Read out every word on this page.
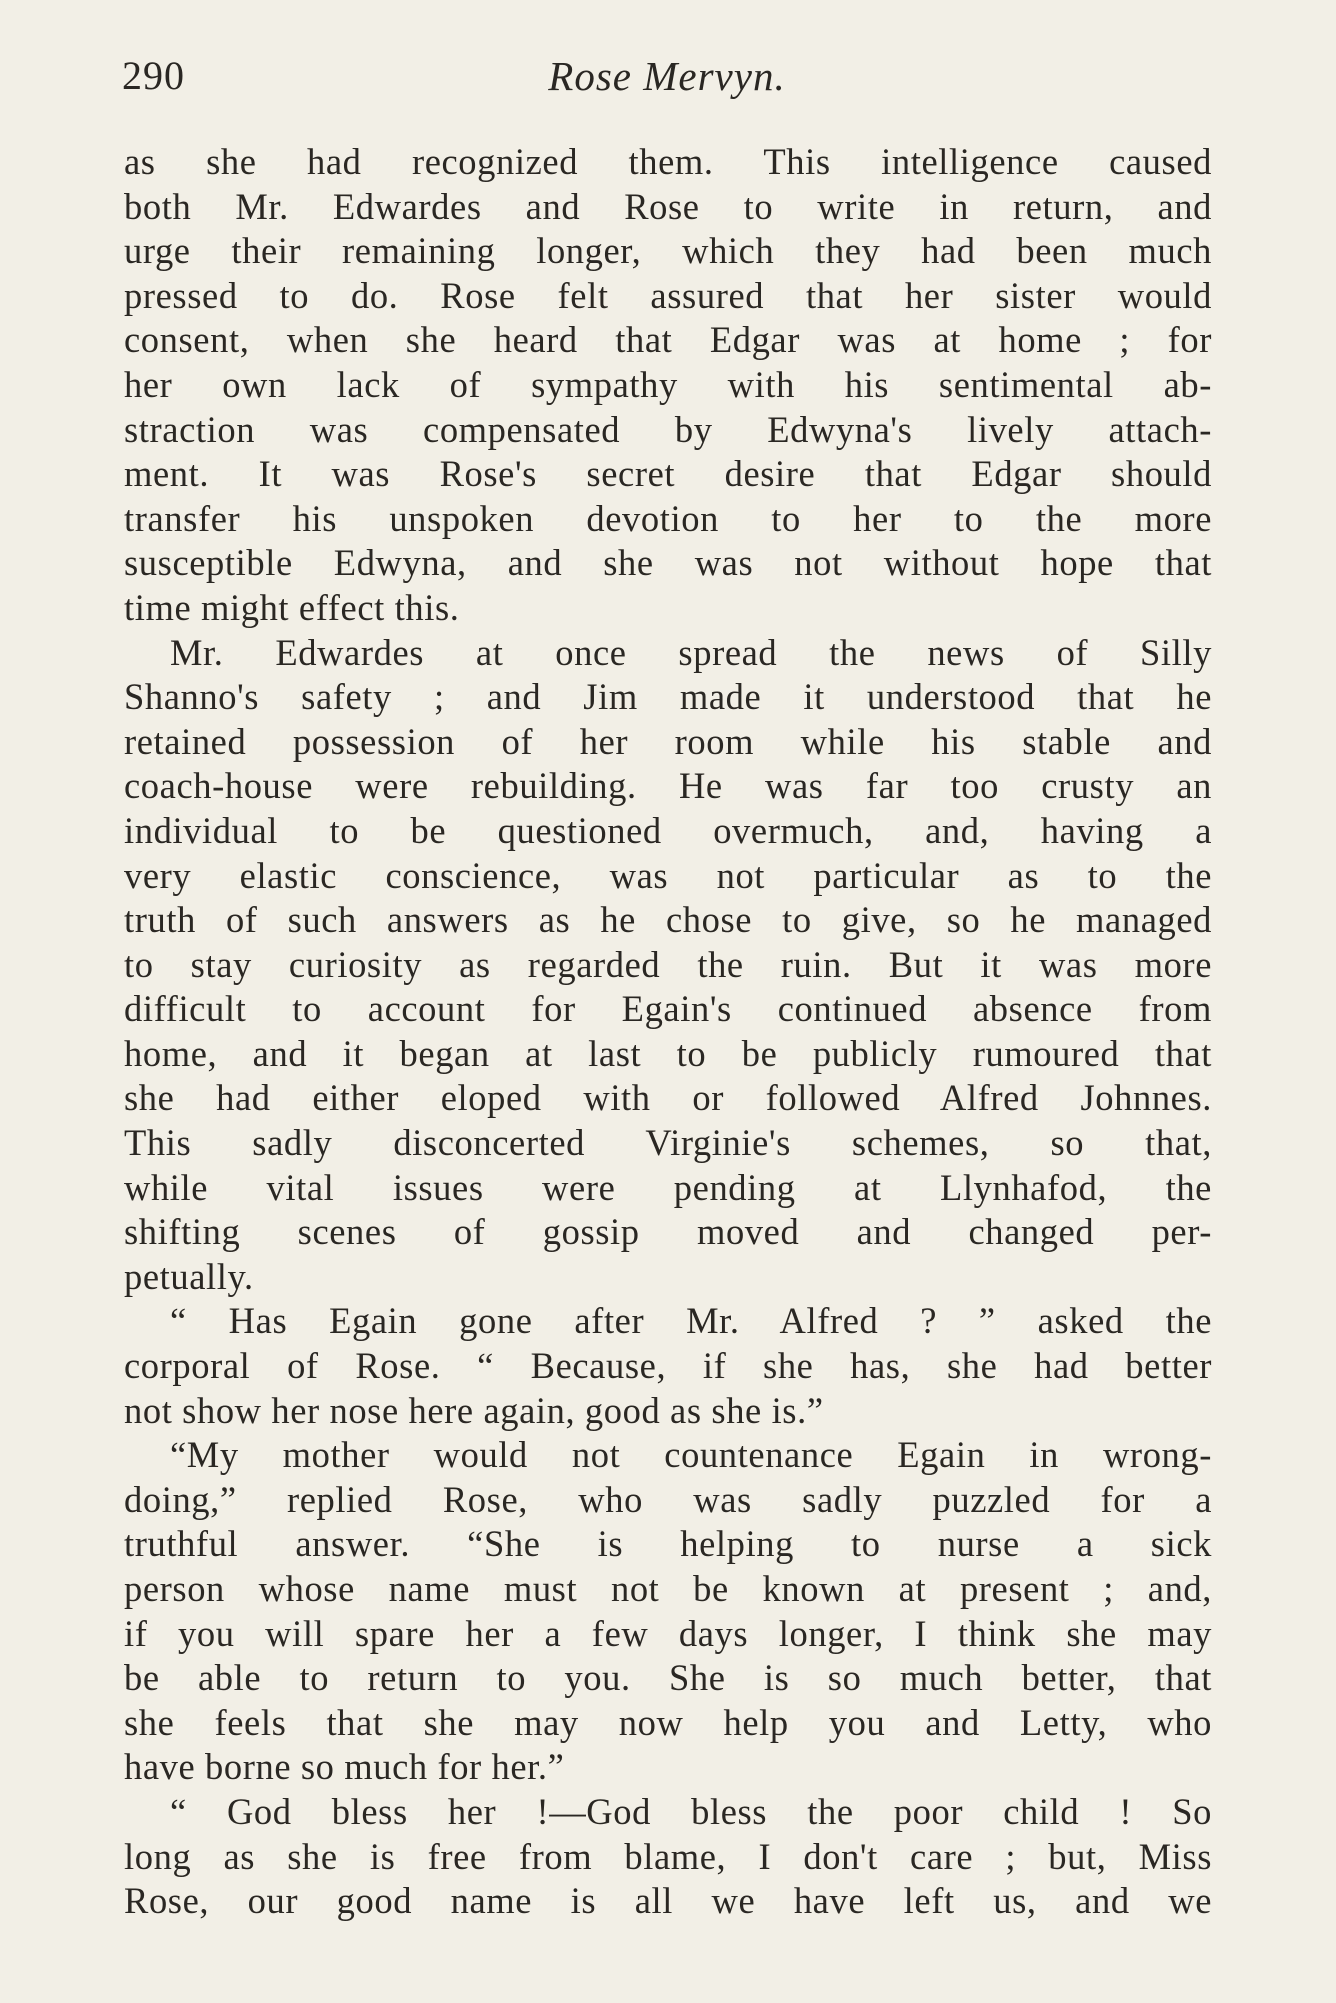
290	Rose Mervyn.
as she had recognized them. This intelligence caused
both Mr. Edwardes and Rose to write in return, and
urge their remaining longer, which they had been much
pressed to do. Rose felt assured that her sister would
consent, when she heard that Edgar was at home ; for
her own lack of sympathy with his sentimental ab-
straction was compensated by Edwyna's lively attach-
ment. It was Rose's secret desire that Edgar should
transfer his unspoken devotion to her to the more
susceptible Edwyna, and she was not without hope that
time might effect this.
Mr. Edwardes at once spread the news of Silly
Shanno's safety ; and Jim made it understood that he
retained possession of her room while his stable and
coach-house were rebuilding. He was far too crusty an
individual to be questioned overmuch, and, having a
very elastic conscience, was not particular as to the
truth of such answers as he chose to give, so he managed
to stay curiosity as regarded the ruin. But it was more
difficult to account for Egain's continued absence from
home, and it began at last to be publicly rumoured that
she had either eloped with or followed Alfred Johnnes.
This sadly disconcerted Virginie's schemes, so that,
while vital issues were pending at Llynhafod, the
shifting scenes of gossip moved and changed per-
petually.
“ Has Egain gone after Mr. Alfred ? ” asked the
corporal of Rose. “ Because, if she has, she had better
not show her nose here again, good as she is.”
“My mother would not countenance Egain in wrong-
doing,” replied Rose, who was sadly puzzled for a
truthful answer. “She is helping to nurse a sick
person whose name must not be known at present ; and,
if you will spare her a few days longer, I think she may
be able to return to you. She is so much better, that
she feels that she may now help you and Letty, who
have borne so much for her.”
“ God bless her !—God bless the poor child ! So
long as she is free from blame, I don't care ; but, Miss
Rose, our good name is all we have left us, and we
